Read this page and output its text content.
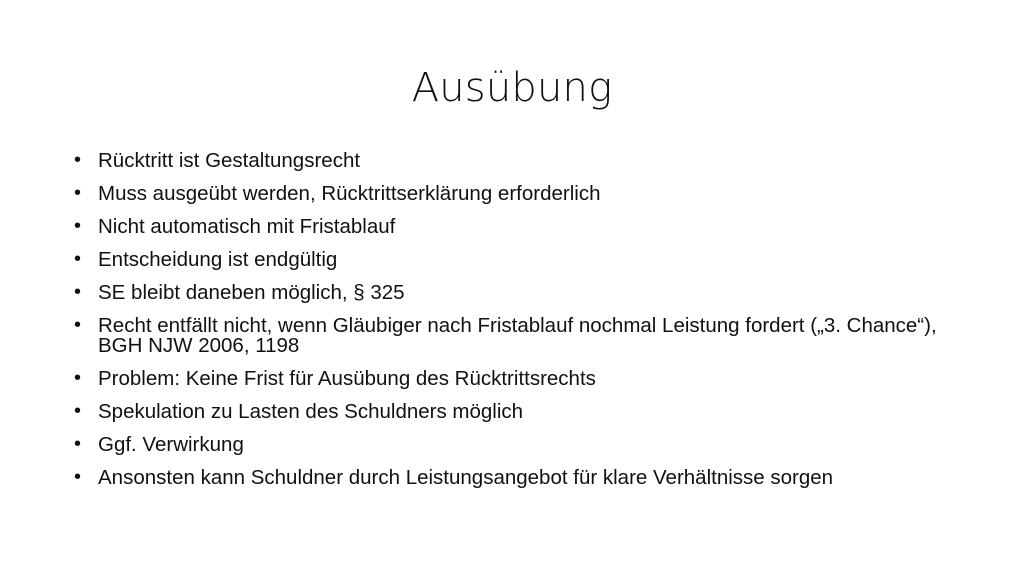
Ausübung
• Rücktritt ist Gestaltungsrecht
• Muss ausgeübt werden, Rücktrittserklärung erforderlich
• Nicht automatisch mit Fristablauf
• Entscheidung ist endgültig
• SE bleibt daneben möglich, § 325
• Recht entfällt nicht, wenn Gläubiger nach Fristablauf nochmal Leistung fordert („3. Chance“), BGH NJW 2006, 1198
• Problem: Keine Frist für Ausübung des Rücktrittsrechts
• Spekulation zu Lasten des Schuldners möglich
• Ggf. Verwirkung
• Ansonsten kann Schuldner durch Leistungsangebot für klare Verhältnisse sorgen
